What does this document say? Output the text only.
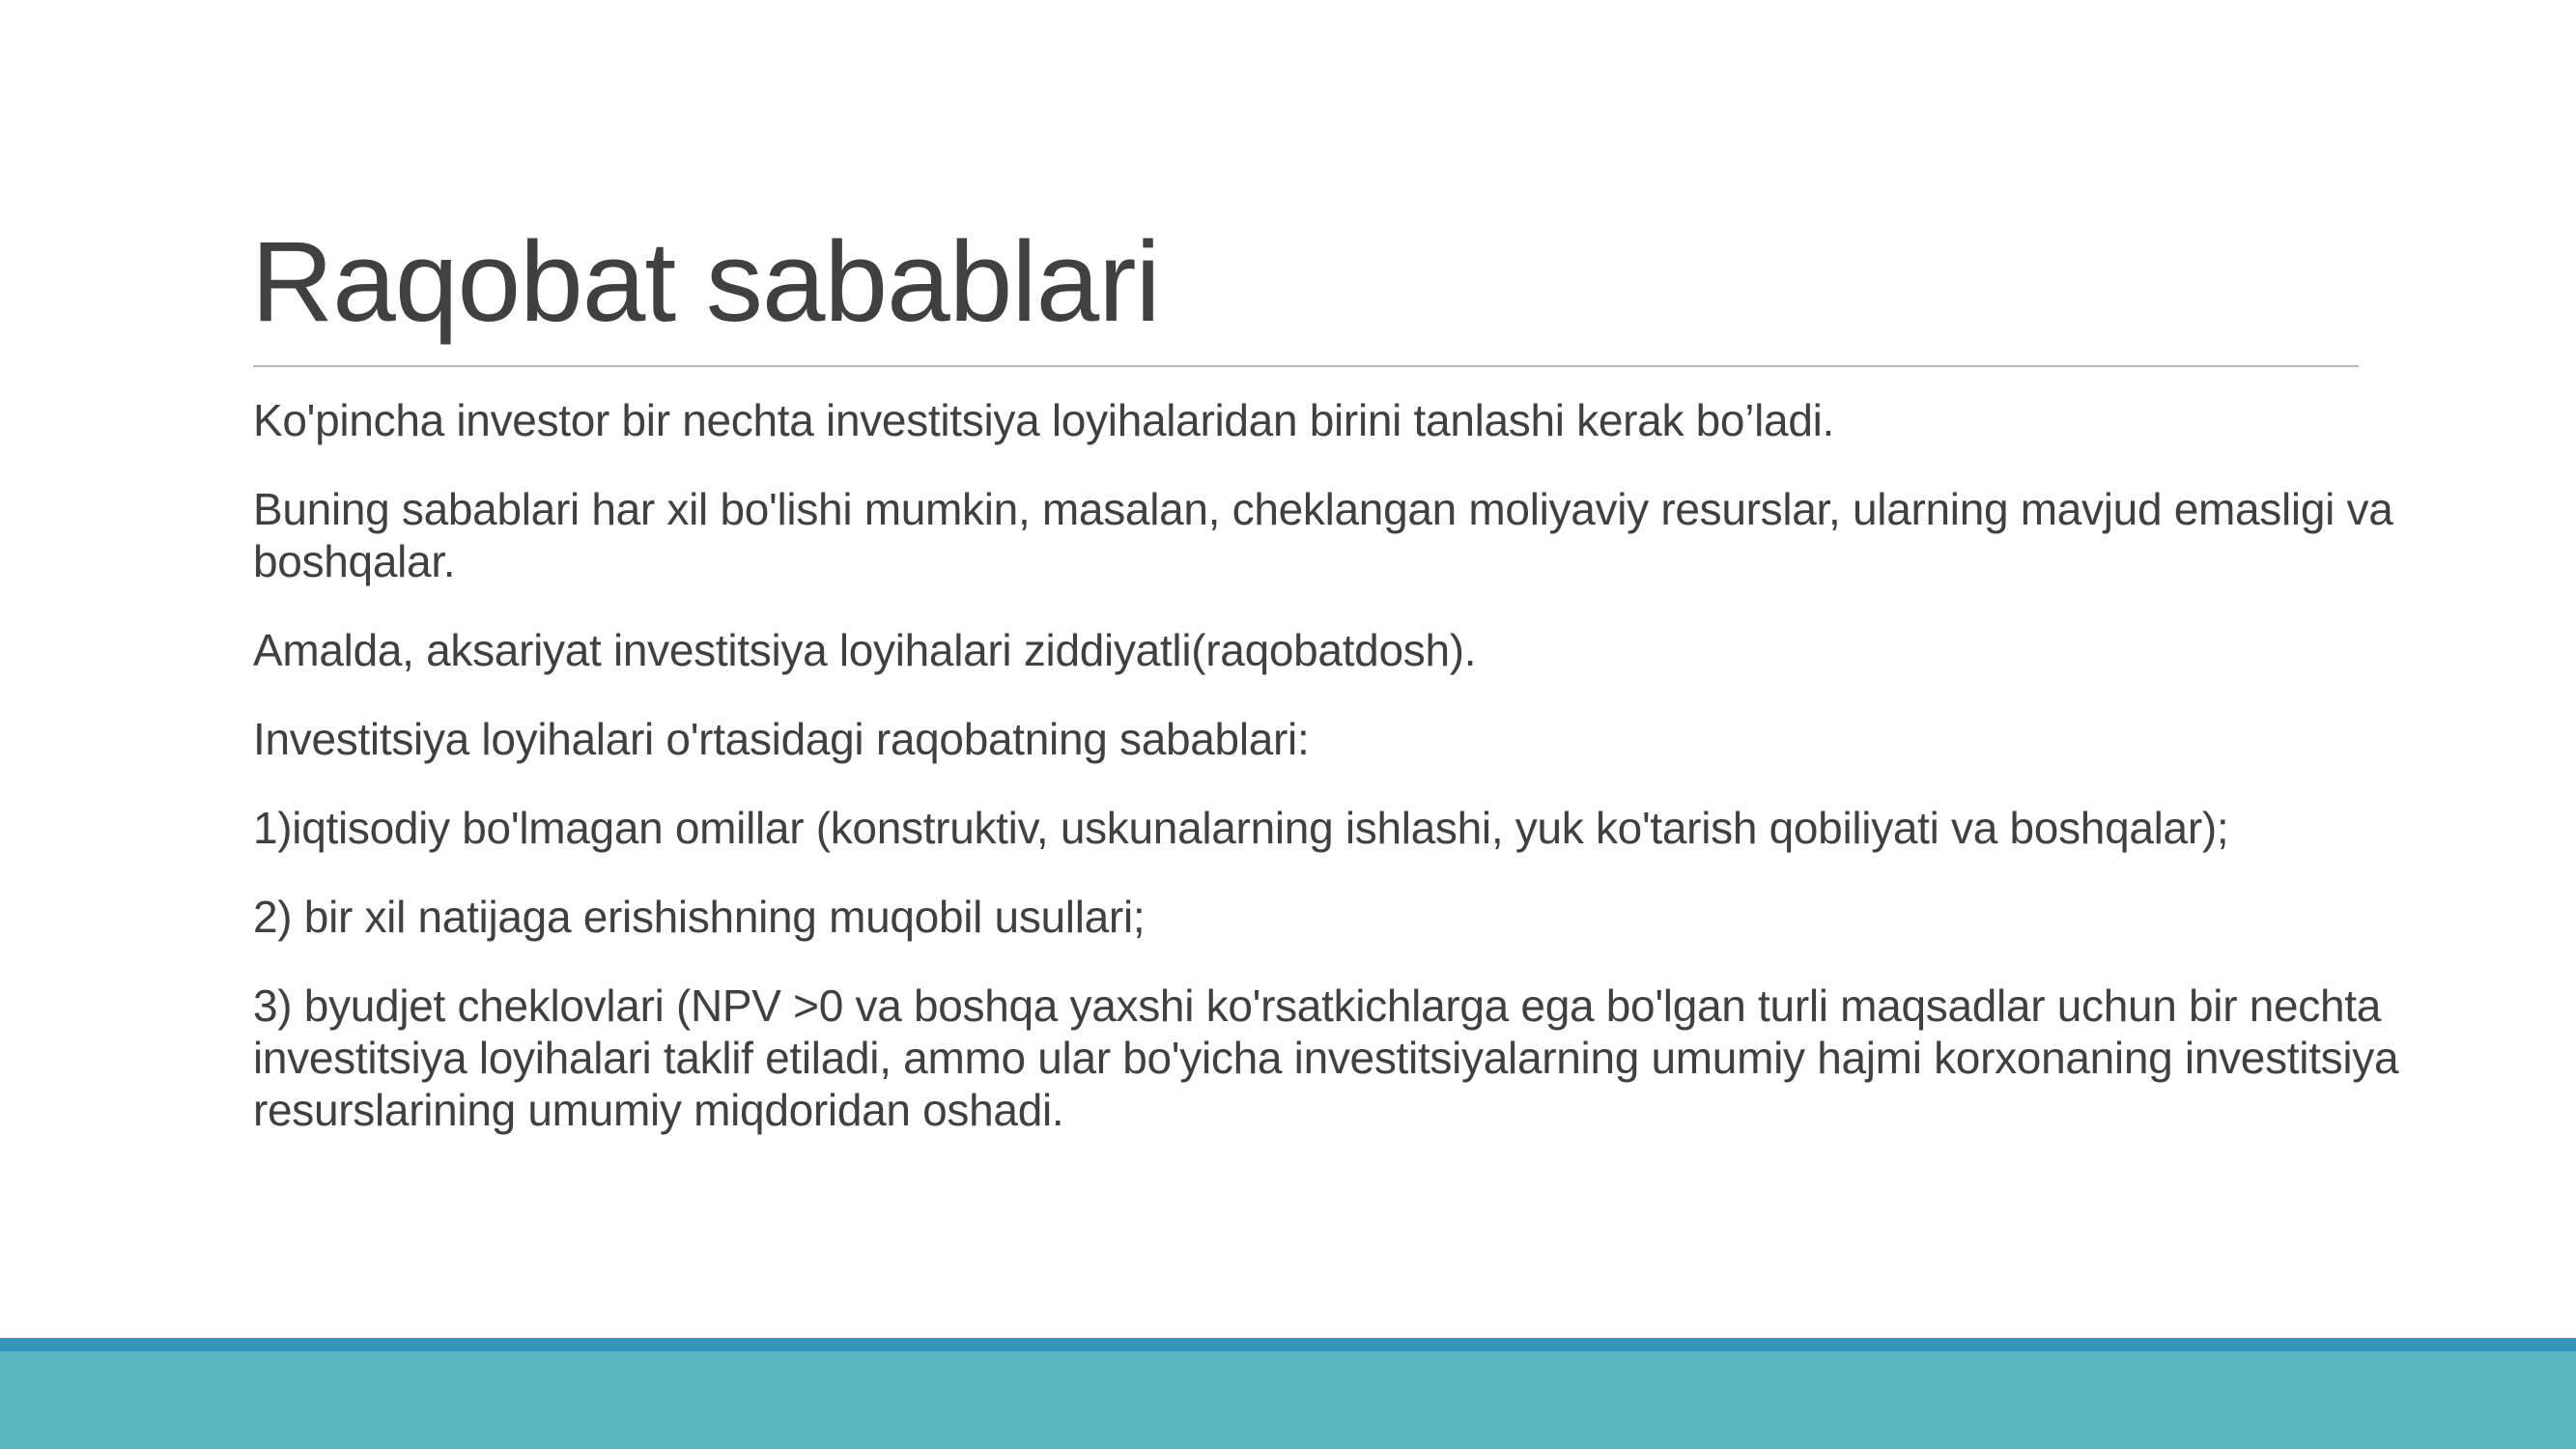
Raqobat sabablari

Ko'pincha investor bir nechta investitsiya loyihalaridan birini tanlashi kerak bo’ladi.

Buning sabablari har xil bo'lishi mumkin, masalan, cheklangan moliyaviy resurslar, ularning mavjud emasligi va boshqalar.

Amalda, aksariyat investitsiya loyihalari ziddiyatli(raqobatdosh).

Investitsiya loyihalari o'rtasidagi raqobatning sabablari:

1)iqtisodiy bo'lmagan omillar (konstruktiv, uskunalarning ishlashi, yuk ko'tarish qobiliyati va boshqalar);

2) bir xil natijaga erishishning muqobil usullari;

3) byudjet cheklovlari (NPV >0 va boshqa yaxshi ko'rsatkichlarga ega bo'lgan turli maqsadlar uchun bir nechta investitsiya loyihalari taklif etiladi, ammo ular bo'yicha investitsiyalarning umumiy hajmi korxonaning investitsiya resurslarining umumiy miqdoridan oshadi.
